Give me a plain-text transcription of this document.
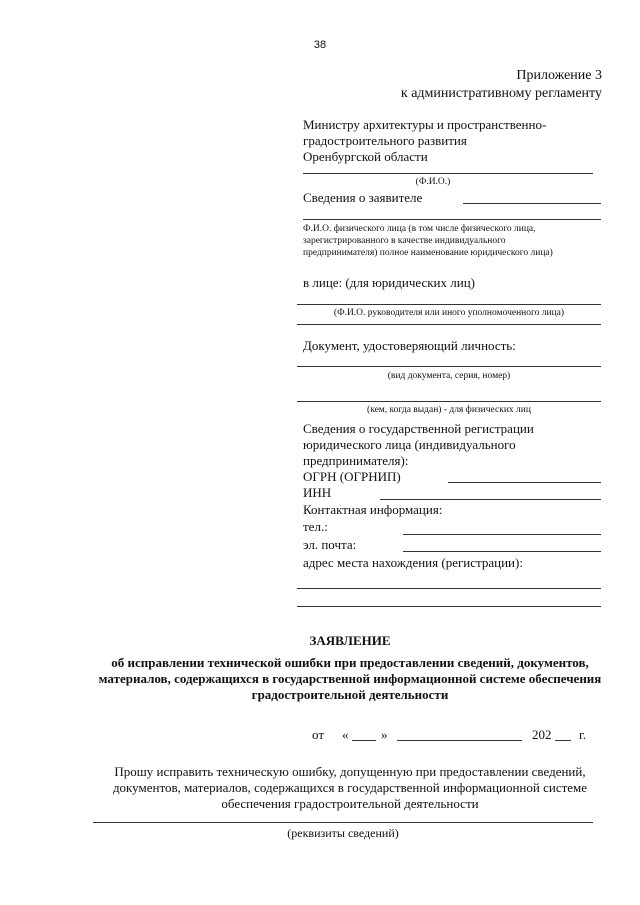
38
Приложение 3
к административному регламенту
Министру архитектуры и пространственно-
градостроительного развития
Оренбургской области
(Ф.И.О.)
Сведения о заявителе
Ф.И.О. физического лица (в том числе физического лица,
зарегистрированного в качестве индивидуального
предпринимателя) полное наименование юридического лица)
в лице: (для юридических лиц)
(Ф.И.О. руководителя или иного уполномоченного лица)
Документ, удостоверяющий личность:
(вид документа, серия, номер)
(кем, когда выдан) - для физических лиц
Сведения о государственной регистрации
юридического лица (индивидуального
предпринимателя):
ОГРН (ОГРНИП)
ИНН
Контактная информация:
тел.:
эл. почта:
адрес места нахождения (регистрации):
ЗАЯВЛЕНИЕ
об исправлении технической ошибки при предоставлении сведений, документов,
материалов, содержащихся в государственной информационной системе обеспечения
градостроительной деятельности
от «	»	202 г.
Прошу исправить техническую ошибку, допущенную при предоставлении сведений,
документов, материалов, содержащихся в государственной информационной системе
обеспечения градостроительной деятельности
(реквизиты сведений)
